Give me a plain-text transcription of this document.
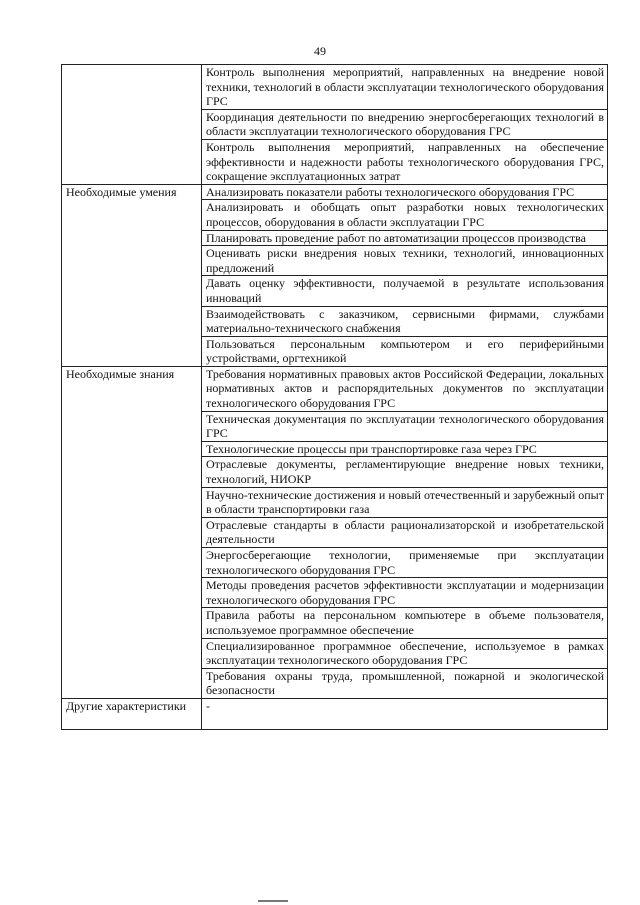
49
	Контроль выполнения мероприятий, направленных на внедрение новой техники, технологий в области эксплуатации технологического оборудования ГРС
	Координация деятельности по внедрению энергосберегающих технологий в области эксплуатации технологического оборудования ГРС
	Контроль выполнения мероприятий, направленных на обеспечение эффективности и надежности работы технологического оборудования ГРС, сокращение эксплуатационных затрат
Необходимые умения	Анализировать показатели работы технологического оборудования ГРС
	Анализировать и обобщать опыт разработки новых технологических процессов, оборудования в области эксплуатации ГРС
	Планировать проведение работ по автоматизации процессов производства
	Оценивать риски внедрения новых техники, технологий, инновационных предложений
	Давать оценку эффективности, получаемой в результате использования инноваций
	Взаимодействовать с заказчиком, сервисными фирмами, службами материально-технического снабжения
	Пользоваться персональным компьютером и его периферийными устройствами, оргтехникой
Необходимые знания	Требования нормативных правовых актов Российской Федерации, локальных нормативных актов и распорядительных документов по эксплуатации технологического оборудования ГРС
	Техническая документация по эксплуатации технологического оборудования ГРС
	Технологические процессы при транспортировке газа через ГРС
	Отраслевые документы, регламентирующие внедрение новых техники, технологий, НИОКР
	Научно-технические достижения и новый отечественный и зарубежный опыт в области транспортировки газа
	Отраслевые стандарты в области рационализаторской и изобретательской деятельности
	Энергосберегающие технологии, применяемые при эксплуатации технологического оборудования ГРС
	Методы проведения расчетов эффективности эксплуатации и модернизации технологического оборудования ГРС
	Правила работы на персональном компьютере в объеме пользователя, используемое программное обеспечение
	Специализированное программное обеспечение, используемое в рамках эксплуатации технологического оборудования ГРС
	Требования охраны труда, промышленной, пожарной и экологической безопасности
Другие характеристики	-
